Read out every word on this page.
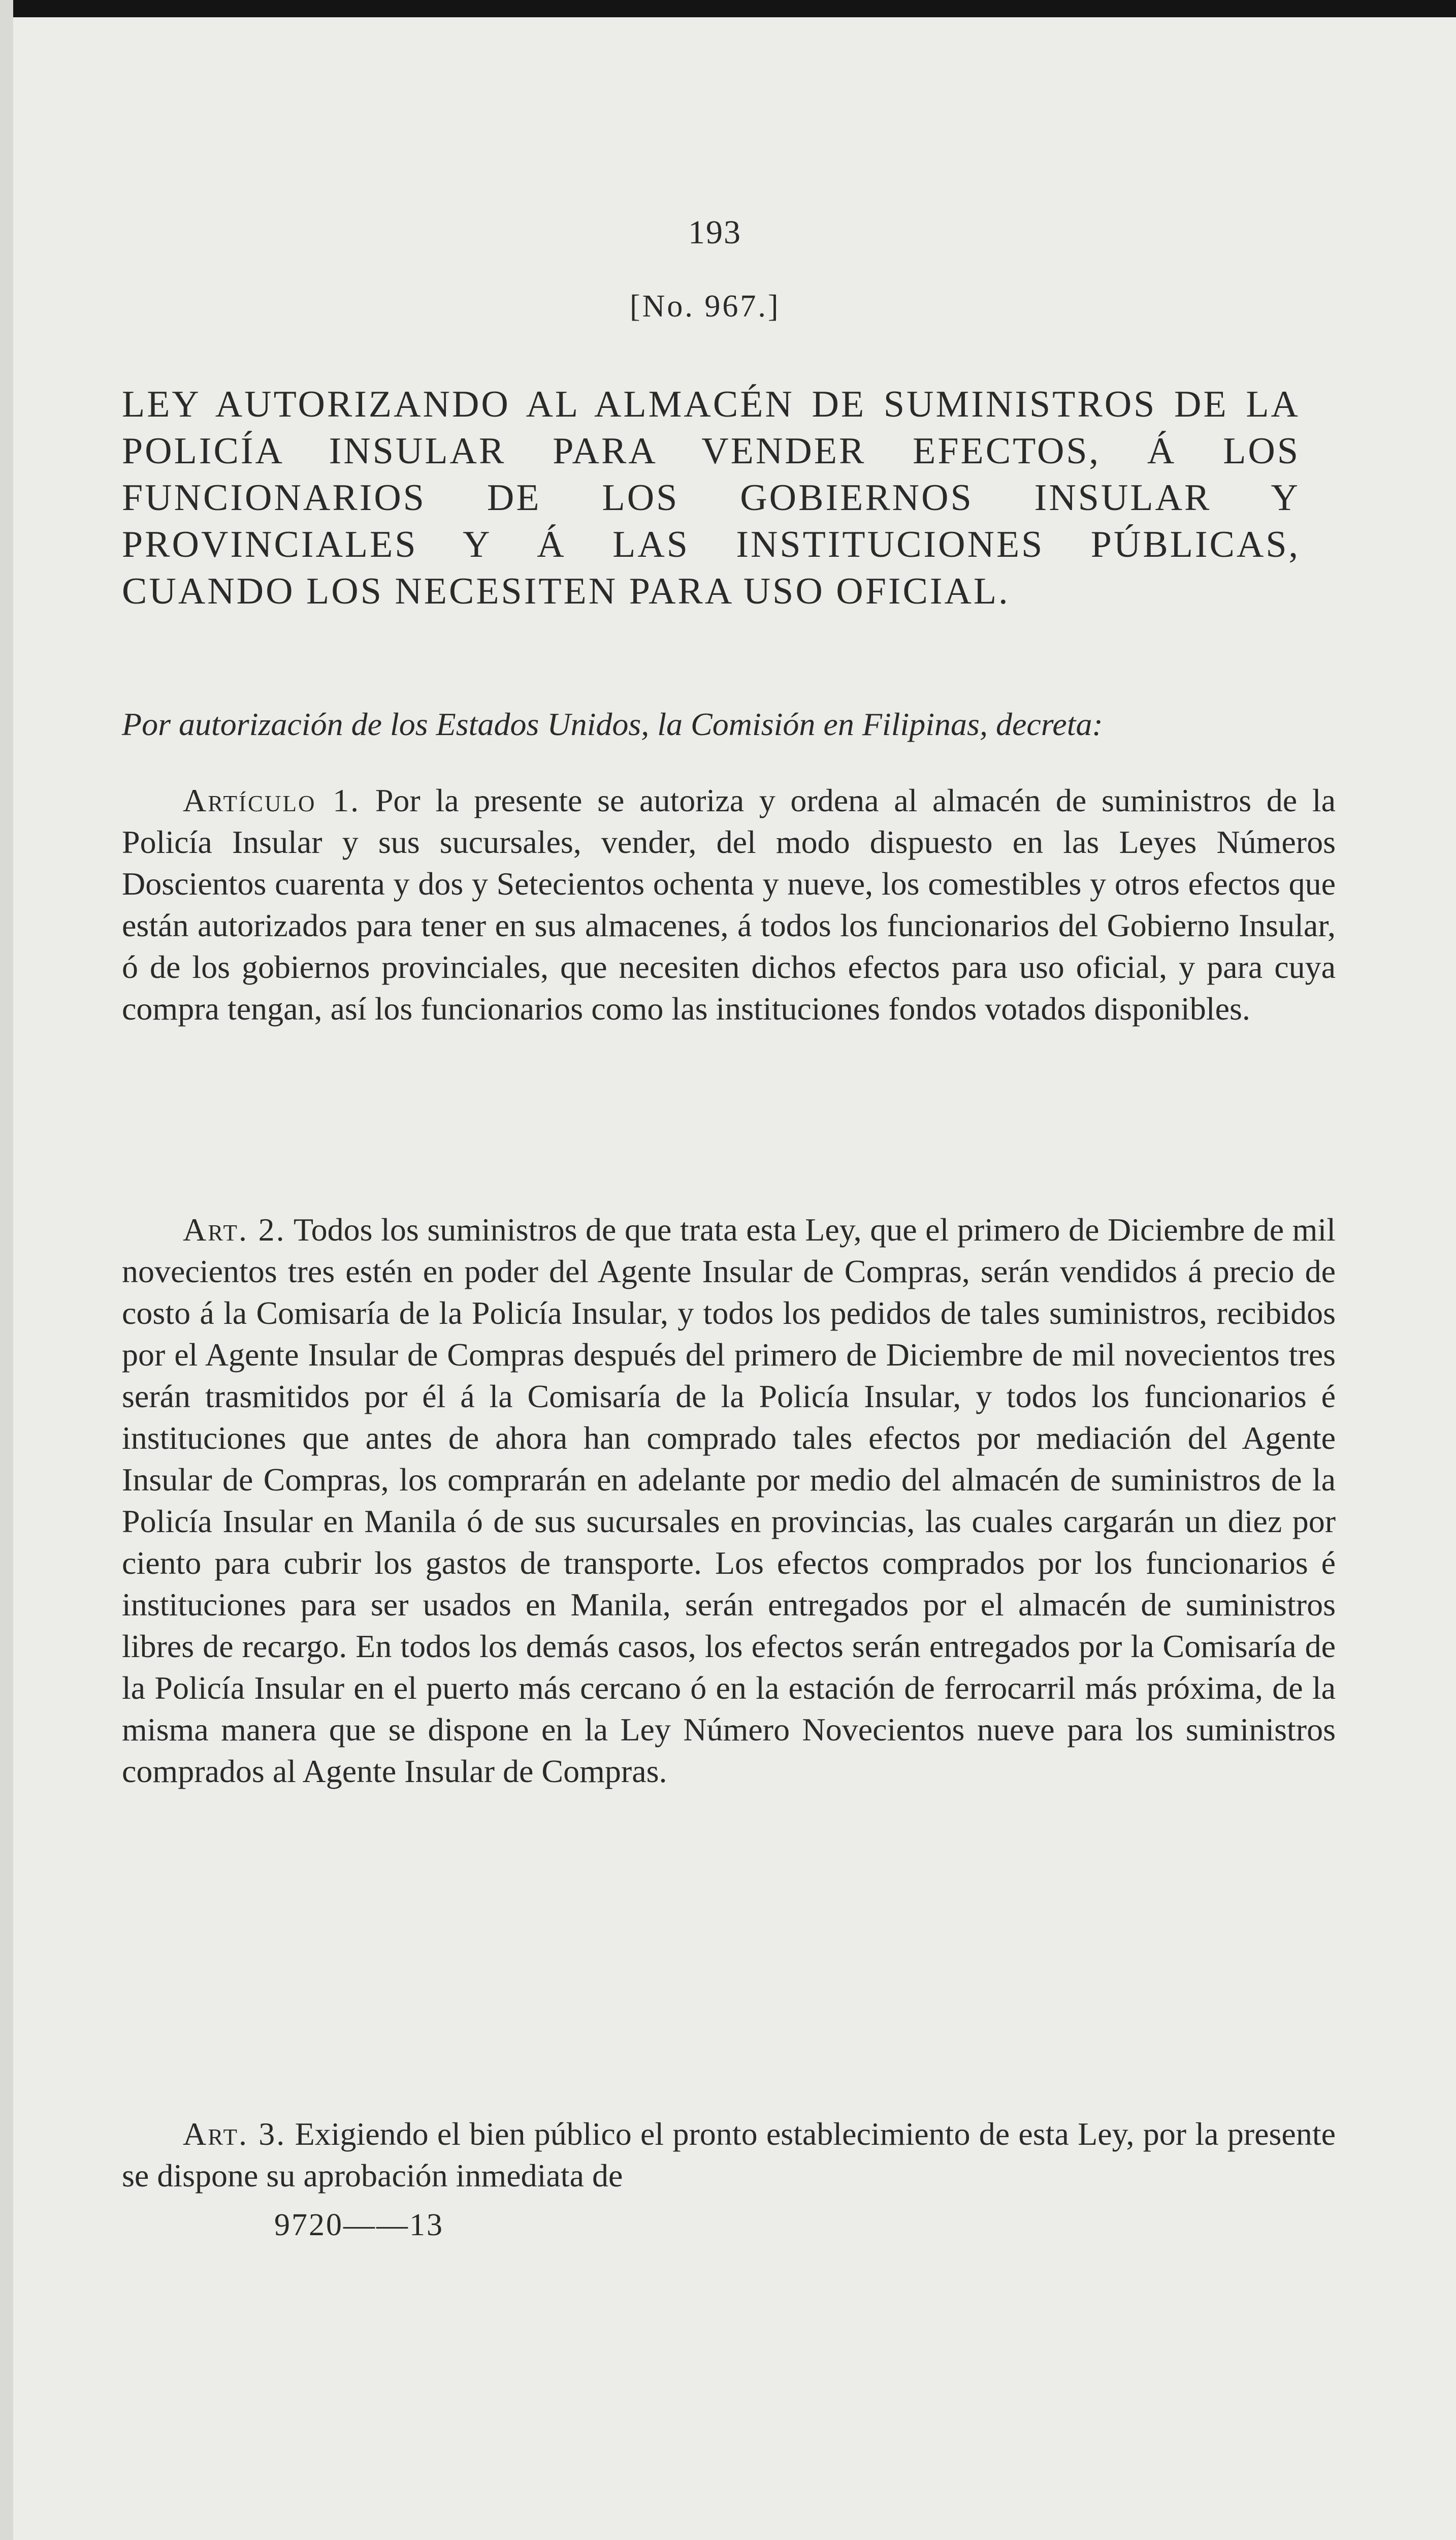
193

[No. 967.]

LEY AUTORIZANDO AL ALMACÉN DE SUMINISTROS DE LA POLICÍA INSULAR PARA VENDER EFECTOS, Á LOS FUNCIONARIOS DE LOS GOBIERNOS INSULAR Y PROVINCIALES Y Á LAS INSTITUCIONES PÚBLICAS, CUANDO LOS NECESITEN PARA USO OFICIAL.

Por autorización de los Estados Unidos, la Comisión en Filipinas, decreta:

Artículo 1. Por la presente se autoriza y ordena al almacén de suministros de la Policía Insular y sus sucursales, vender, del modo dispuesto en las Leyes Números Doscientos cuarenta y dos y Setecientos ochenta y nueve, los comestibles y otros efectos que están autorizados para tener en sus almacenes, á todos los funcionarios del Gobierno Insular, ó de los gobiernos provinciales, que necesiten dichos efectos para uso oficial, y para cuya compra tengan, así los funcionarios como las instituciones fondos votados disponibles.

Art. 2. Todos los suministros de que trata esta Ley, que el primero de Diciembre de mil novecientos tres estén en poder del Agente Insular de Compras, serán vendidos á precio de costo á la Comisaría de la Policía Insular, y todos los pedidos de tales suministros, recibidos por el Agente Insular de Compras después del primero de Diciembre de mil novecientos tres serán trasmitidos por él á la Comisaría de la Policía Insular, y todos los funcionarios é instituciones que antes de ahora han comprado tales efectos por mediación del Agente Insular de Compras, los comprarán en adelante por medio del almacén de suministros de la Policía Insular en Manila ó de sus sucursales en provincias, las cuales cargarán un diez por ciento para cubrir los gastos de transporte. Los efectos comprados por los funcionarios é instituciones para ser usados en Manila, serán entregados por el almacén de suministros libres de recargo. En todos los demás casos, los efectos serán entregados por la Comisaría de la Policía Insular en el puerto más cercano ó en la estación de ferrocarril más próxima, de la misma manera que se dispone en la Ley Número Novecientos nueve para los suministros comprados al Agente Insular de Compras.

Art. 3. Exigiendo el bien público el pronto establecimiento de esta Ley, por la presente se dispone su aprobación inmediata de

9720——13
